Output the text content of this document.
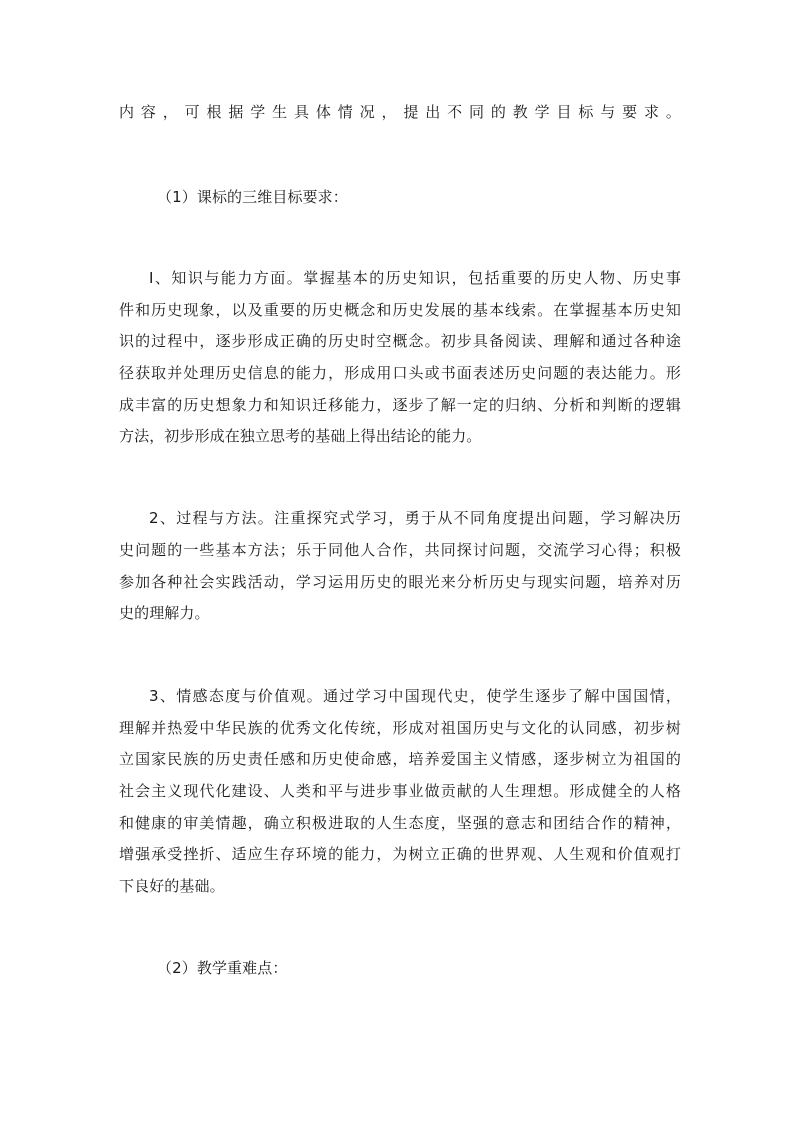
内容，可根据学生具体情况，提出不同的教学目标与要求。

（1）课标的三维目标要求：

I、知识与能力方面。掌握基本的历史知识，包括重要的历史人物、历史事

件和历史现象，以及重要的历史概念和历史发展的基本线索。在掌握基本历史知

识的过程中，逐步形成正确的历史时空概念。初步具备阅读、理解和通过各种途

径获取并处理历史信息的能力，形成用口头或书面表述历史问题的表达能力。形

成丰富的历史想象力和知识迁移能力，逐步了解一定的归纳、分析和判断的逻辑

方法，初步形成在独立思考的基础上得出结论的能力。

2、过程与方法。注重探究式学习，勇于从不同角度提出问题，学习解决历

史问题的一些基本方法；乐于同他人合作，共同探讨问题，交流学习心得；积极

参加各种社会实践活动，学习运用历史的眼光来分析历史与现实问题，培养对历

史的理解力。

3、情感态度与价值观。通过学习中国现代史，使学生逐步了解中国国情，

理解并热爱中华民族的优秀文化传统，形成对祖国历史与文化的认同感，初步树

立国家民族的历史责任感和历史使命感，培养爱国主义情感，逐步树立为祖国的

社会主义现代化建设、人类和平与进步事业做贡献的人生理想。形成健全的人格

和健康的审美情趣，确立积极进取的人生态度，坚强的意志和团结合作的精神，

增强承受挫折、适应生存环境的能力，为树立正确的世界观、人生观和价值观打

下良好的基础。

（2）教学重难点：
